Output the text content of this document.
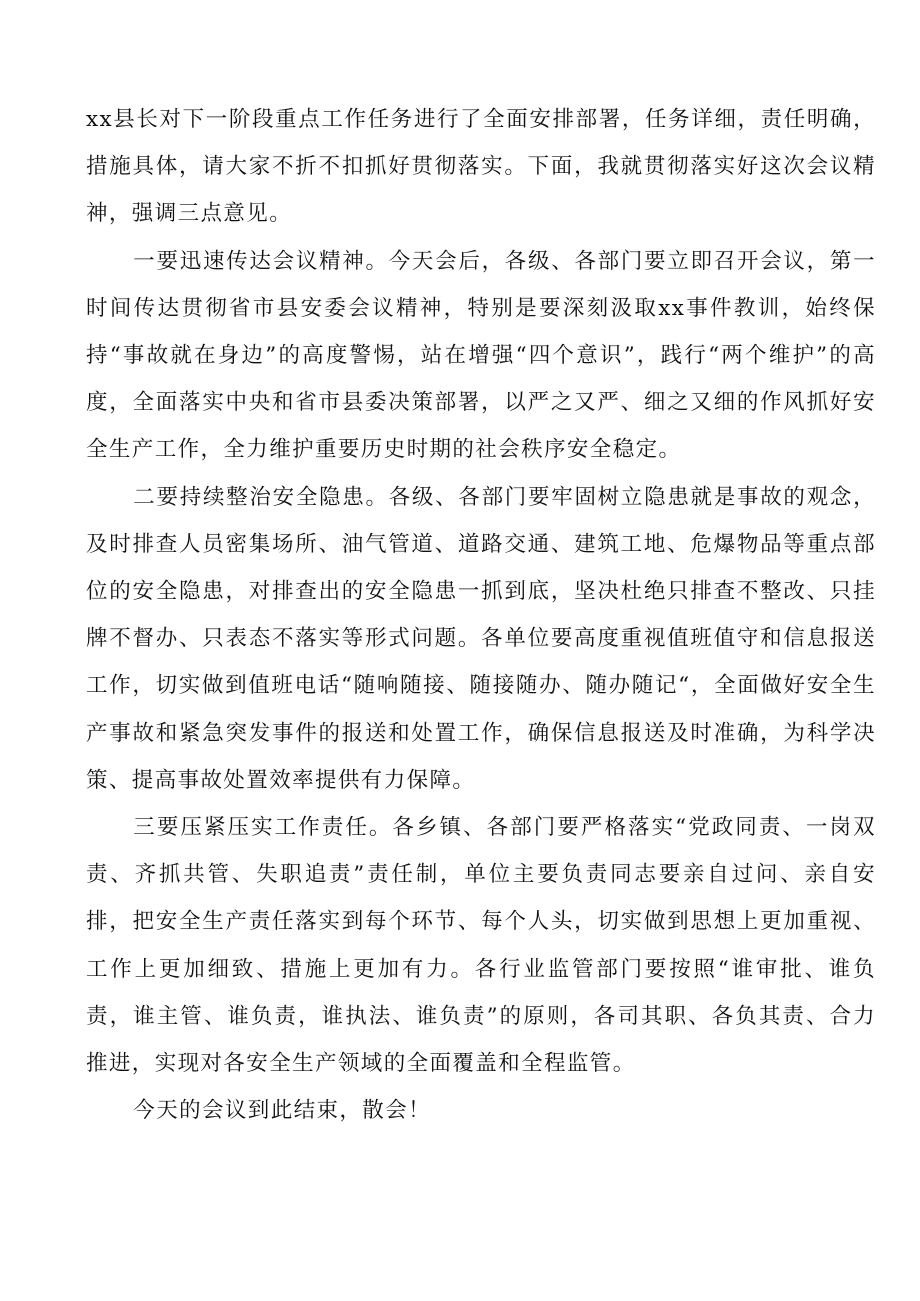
xx县长对下一阶段重点工作任务进行了全面安排部署，任务详细，责任明确，措施具体，请大家不折不扣抓好贯彻落实。下面，我就贯彻落实好这次会议精神，强调三点意见。

一要迅速传达会议精神。今天会后，各级、各部门要立即召开会议，第一时间传达贯彻省市县安委会议精神，特别是要深刻汲取xx事件教训，始终保持“事故就在身边”的高度警惕，站在增强“四个意识”，践行“两个维护”的高度，全面落实中央和省市县委决策部署，以严之又严、细之又细的作风抓好安全生产工作，全力维护重要历史时期的社会秩序安全稳定。

二要持续整治安全隐患。各级、各部门要牢固树立隐患就是事故的观念，及时排查人员密集场所、油气管道、道路交通、建筑工地、危爆物品等重点部位的安全隐患，对排查出的安全隐患一抓到底，坚决杜绝只排查不整改、只挂牌不督办、只表态不落实等形式问题。各单位要高度重视值班值守和信息报送工作，切实做到值班电话“随响随接、随接随办、随办随记“，全面做好安全生产事故和紧急突发事件的报送和处置工作，确保信息报送及时准确，为科学决策、提高事故处置效率提供有力保障。

三要压紧压实工作责任。各乡镇、各部门要严格落实“党政同责、一岗双责、齐抓共管、失职追责”责任制，单位主要负责同志要亲自过问、亲自安排，把安全生产责任落实到每个环节、每个人头，切实做到思想上更加重视、工作上更加细致、措施上更加有力。各行业监管部门要按照“谁审批、谁负责，谁主管、谁负责，谁执法、谁负责”的原则，各司其职、各负其责、合力推进，实现对各安全生产领域的全面覆盖和全程监管。

今天的会议到此结束，散会！
